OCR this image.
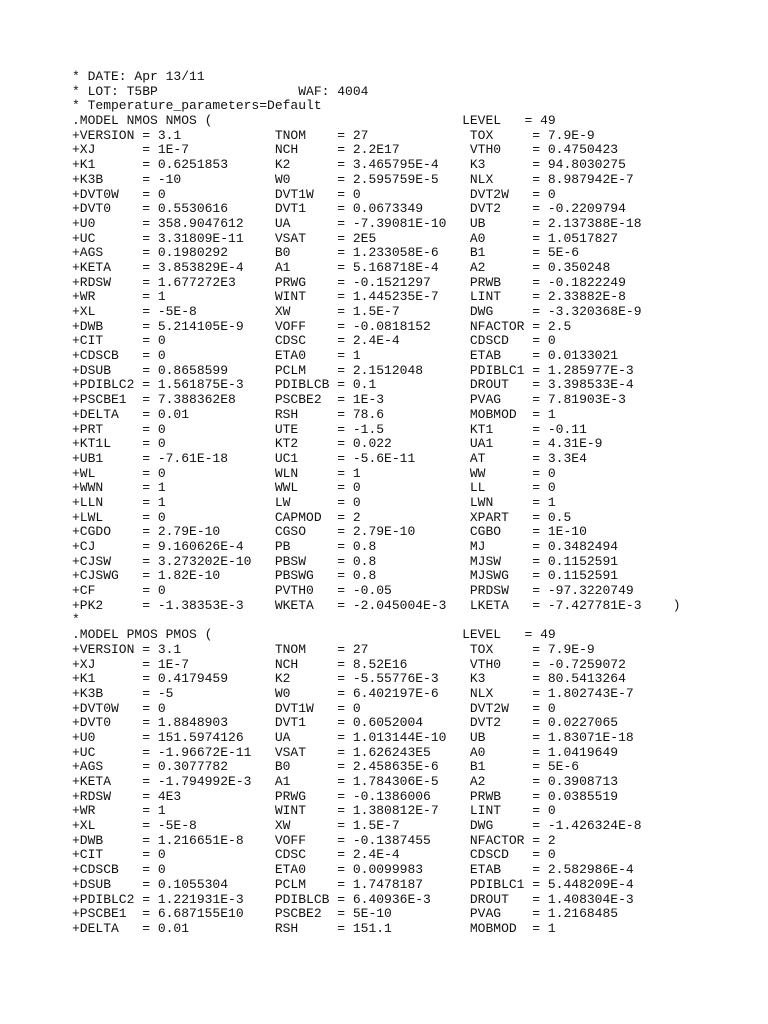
* DATE: Apr 13/11
* LOT: T5BP                  WAF: 4004
* Temperature_parameters=Default
.MODEL NMOS NMOS (                                LEVEL   = 49
+VERSION = 3.1            TNOM    = 27             TOX     = 7.9E-9
+XJ      = 1E-7           NCH     = 2.2E17         VTH0    = 0.4750423
+K1      = 0.6251853      K2      = 3.465795E-4    K3      = 94.8030275
+K3B     = -10            W0      = 2.595759E-5    NLX     = 8.987942E-7
+DVT0W   = 0              DVT1W   = 0              DVT2W   = 0
+DVT0    = 0.5530616      DVT1    = 0.0673349      DVT2    = -0.2209794
+U0      = 358.9047612    UA      = -7.39081E-10   UB      = 2.137388E-18
+UC      = 3.31809E-11    VSAT    = 2E5            A0      = 1.0517827
+AGS     = 0.1980292      B0      = 1.233058E-6    B1      = 5E-6
+KETA    = 3.853829E-4    A1      = 5.168718E-4    A2      = 0.350248
+RDSW    = 1.677272E3     PRWG    = -0.1521297     PRWB    = -0.1822249
+WR      = 1              WINT    = 1.445235E-7    LINT    = 2.33882E-8
+XL      = -5E-8          XW      = 1.5E-7         DWG     = -3.320368E-9
+DWB     = 5.214105E-9    VOFF    = -0.0818152     NFACTOR = 2.5
+CIT     = 0              CDSC    = 2.4E-4         CDSCD   = 0
+CDSCB   = 0              ETA0    = 1              ETAB    = 0.0133021
+DSUB    = 0.8658599      PCLM    = 2.1512048      PDIBLC1 = 1.285977E-3
+PDIBLC2 = 1.561875E-3    PDIBLCB = 0.1            DROUT   = 3.398533E-4
+PSCBE1  = 7.388362E8     PSCBE2  = 1E-3           PVAG    = 7.81903E-3
+DELTA   = 0.01           RSH     = 78.6           MOBMOD  = 1
+PRT     = 0              UTE     = -1.5           KT1     = -0.11
+KT1L    = 0              KT2     = 0.022          UA1     = 4.31E-9
+UB1     = -7.61E-18      UC1     = -5.6E-11       AT      = 3.3E4
+WL      = 0              WLN     = 1              WW      = 0
+WWN     = 1              WWL     = 0              LL      = 0
+LLN     = 1              LW      = 0              LWN     = 1
+LWL     = 0              CAPMOD  = 2              XPART   = 0.5
+CGDO    = 2.79E-10       CGSO    = 2.79E-10       CGBO    = 1E-10
+CJ      = 9.160626E-4    PB      = 0.8            MJ      = 0.3482494
+CJSW    = 3.273202E-10   PBSW    = 0.8            MJSW    = 0.1152591
+CJSWG   = 1.82E-10       PBSWG   = 0.8            MJSWG   = 0.1152591
+CF      = 0              PVTH0   = -0.05          PRDSW   = -97.3220749
+PK2     = -1.38353E-3    WKETA   = -2.045004E-3   LKETA   = -7.427781E-3    )
*
.MODEL PMOS PMOS (                                LEVEL   = 49
+VERSION = 3.1            TNOM    = 27             TOX     = 7.9E-9
+XJ      = 1E-7           NCH     = 8.52E16        VTH0    = -0.7259072
+K1      = 0.4179459      K2      = -5.55776E-3    K3      = 80.5413264
+K3B     = -5             W0      = 6.402197E-6    NLX     = 1.802743E-7
+DVT0W   = 0              DVT1W   = 0              DVT2W   = 0
+DVT0    = 1.8848903      DVT1    = 0.6052004      DVT2    = 0.0227065
+U0      = 151.5974126    UA      = 1.013144E-10   UB      = 1.83071E-18
+UC      = -1.96672E-11   VSAT    = 1.626243E5     A0      = 1.0419649
+AGS     = 0.3077782      B0      = 2.458635E-6    B1      = 5E-6
+KETA    = -1.794992E-3   A1      = 1.784306E-5    A2      = 0.3908713
+RDSW    = 4E3            PRWG    = -0.1386006     PRWB    = 0.0385519
+WR      = 1              WINT    = 1.380812E-7    LINT    = 0
+XL      = -5E-8          XW      = 1.5E-7         DWG     = -1.426324E-8
+DWB     = 1.216651E-8    VOFF    = -0.1387455     NFACTOR = 2
+CIT     = 0              CDSC    = 2.4E-4         CDSCD   = 0
+CDSCB   = 0              ETA0    = 0.0099983      ETAB    = 2.582986E-4
+DSUB    = 0.1055304      PCLM    = 1.7478187      PDIBLC1 = 5.448209E-4
+PDIBLC2 = 1.221931E-3    PDIBLCB = 6.40936E-3     DROUT   = 1.408304E-3
+PSCBE1  = 6.687155E10    PSCBE2  = 5E-10          PVAG    = 1.2168485
+DELTA   = 0.01           RSH     = 151.1          MOBMOD  = 1
